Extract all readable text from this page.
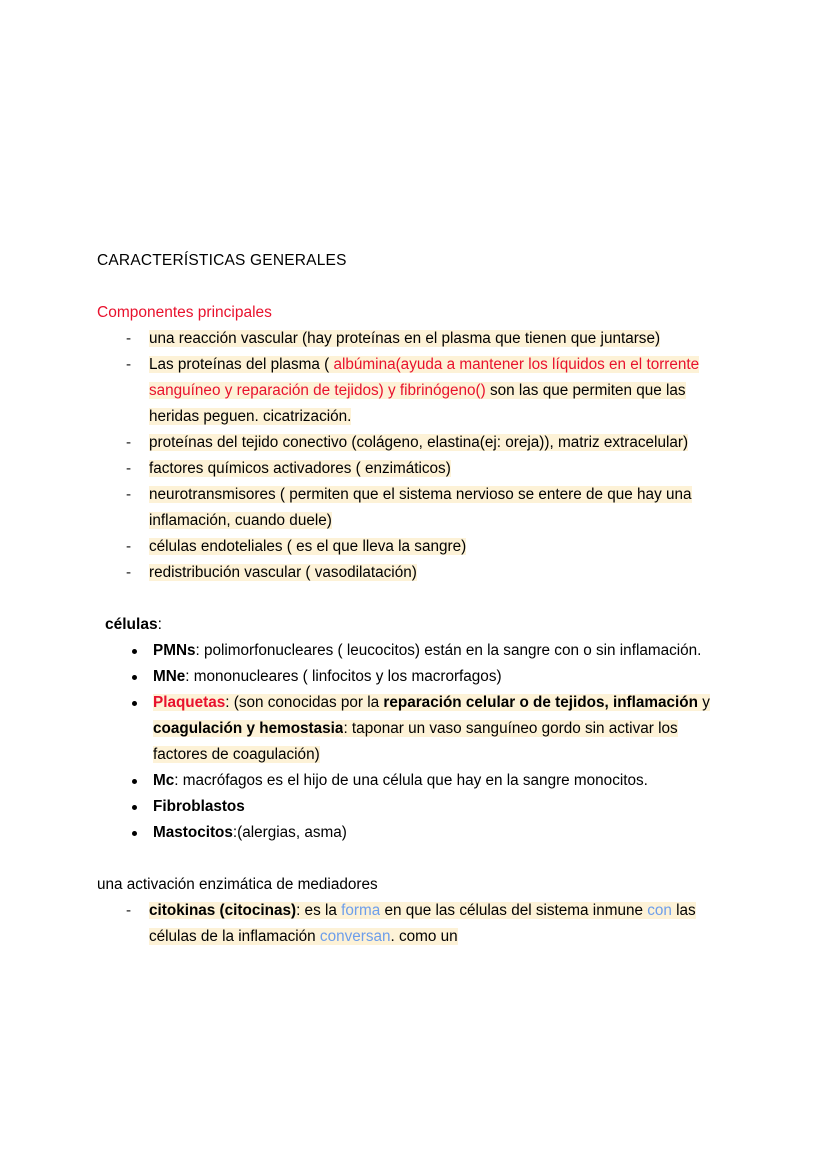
CARACTERÍSTICAS GENERALES
Componentes principales
- una reacción vascular (hay proteínas en el plasma que tienen que juntarse)
- Las proteínas del plasma ( albúmina(ayuda a mantener los líquidos en el torrente sanguíneo y reparación de tejidos) y fibrinógeno() son las que permiten que las heridas peguen. cicatrización.
- proteínas del tejido conectivo (colágeno, elastina(ej: oreja)), matriz extracelular)
- factores químicos activadores ( enzimáticos)
- neurotransmisores ( permiten que el sistema nervioso se entere de que hay una inflamación, cuando duele)
- células endoteliales ( es el que lleva la sangre)
- redistribución vascular ( vasodilatación)
células:
PMNs: polimorfonucleares ( leucocitos) están en la sangre con o sin inflamación.
MNe: mononucleares ( linfocitos y los macrorfagos)
Plaquetas: (son conocidas por la reparación celular o de tejidos, inflamación y coagulación y hemostasia: taponar un vaso sanguíneo gordo sin activar los factores de coagulación)
Mc: macrófagos es el hijo de una célula que hay en la sangre monocitos.
Fibroblastos
Mastocitos:(alergias, asma)
una activación enzimática de mediadores
- citokinas (citocinas): es la forma en que las células del sistema inmune con las células de la inflamación conversan. como un
